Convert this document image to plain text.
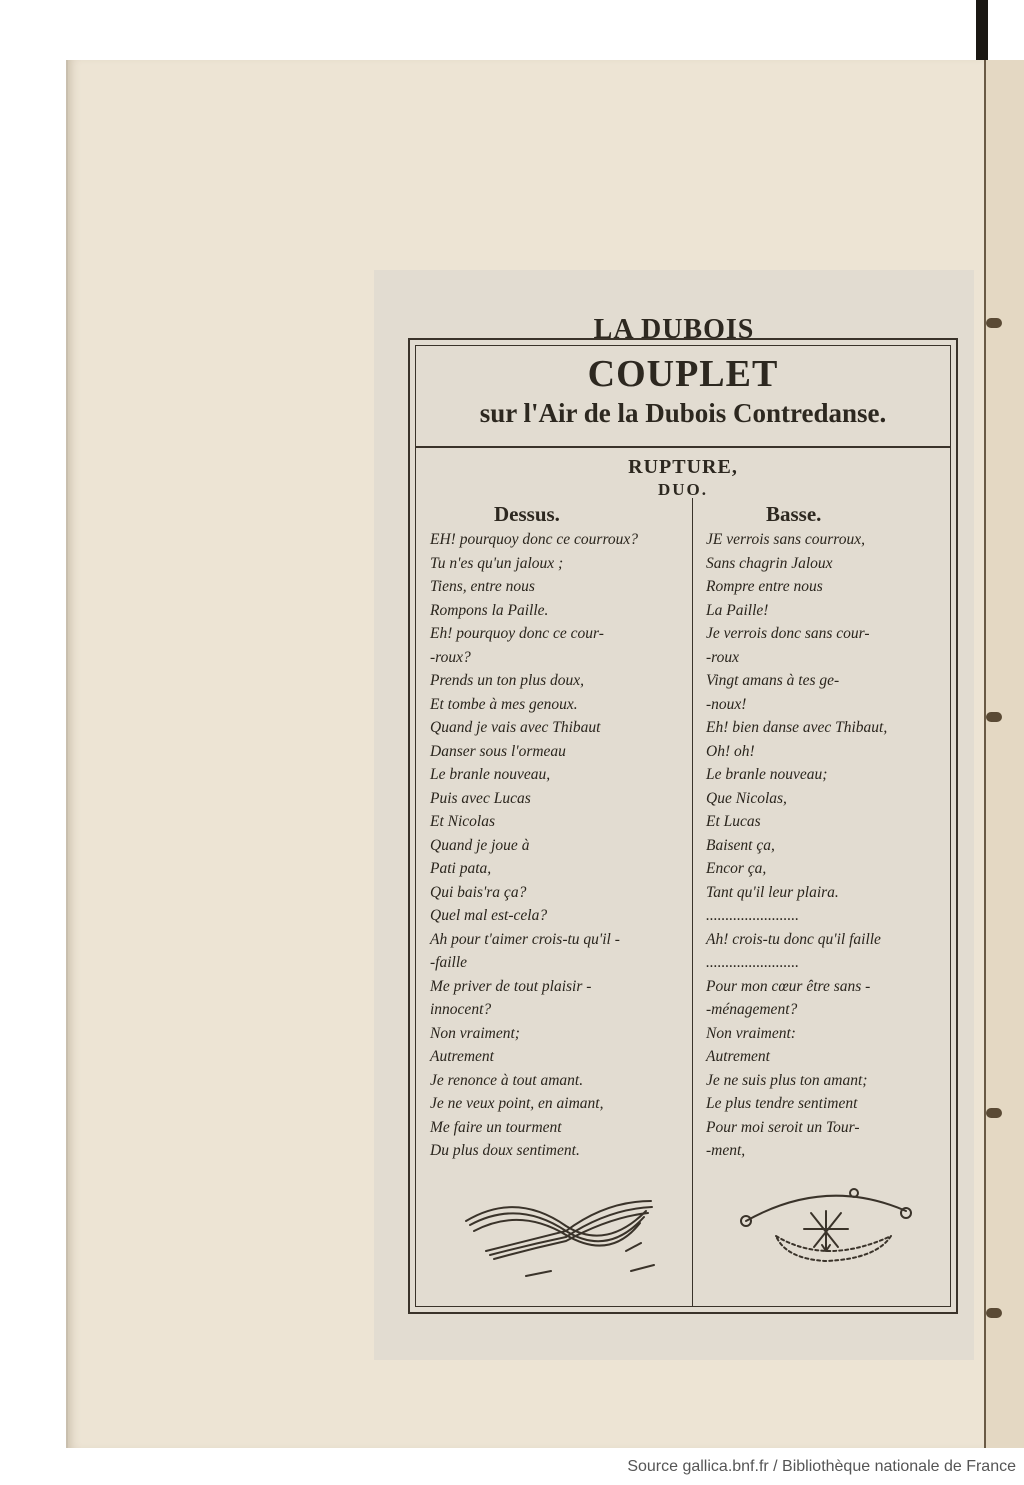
LA DUBOIS
COUPLET
sur l'Air de la Dubois Contredanse.
RUPTURE,
DUO.
Dessus.	Basse.
EH! pourquoy donc ce courroux?
Tu n'es qu'un jaloux ;
Tiens, entre nous
Rompons la Paille.
Eh! pourquoy donc ce cour-
-roux?
Prends un ton plus doux,
Et tombe à mes genoux.
Quand je vais avec Thibaut
Danser sous l'ormeau
Le branle nouveau,
Puis avec Lucas
Et Nicolas
Quand je joue à
Pati pata,
Qui bais'ra ça?
Quel mal est-cela?
Ah pour t'aimer crois-tu qu'il -
-faille
Me priver de tout plaisir -
innocent?
Non vraiment;
Autrement
Je renonce à tout amant.
Je ne veux point, en aimant,
Me faire un tourment
Du plus doux sentiment.
JE verrois sans courroux,
Sans chagrin Jaloux
Rompre entre nous
La Paille!
Je verrois donc sans cour-
-roux
Vingt amans à tes ge-
-noux!
Eh! bien danse avec Thibaut,
Oh! oh!
Le branle nouveau;
Que Nicolas,
Et Lucas
Baisent ça,
Encor ça,
Tant qu'il leur plaira.
........................
Ah! crois-tu donc qu'il faille
........................
Pour mon cœur être sans -
-ménagement?
Non vraiment:
Autrement
Je ne suis plus ton amant;
Le plus tendre sentiment
Pour moi seroit un Tour-
-ment,
Source gallica.bnf.fr / Bibliothèque nationale de France
